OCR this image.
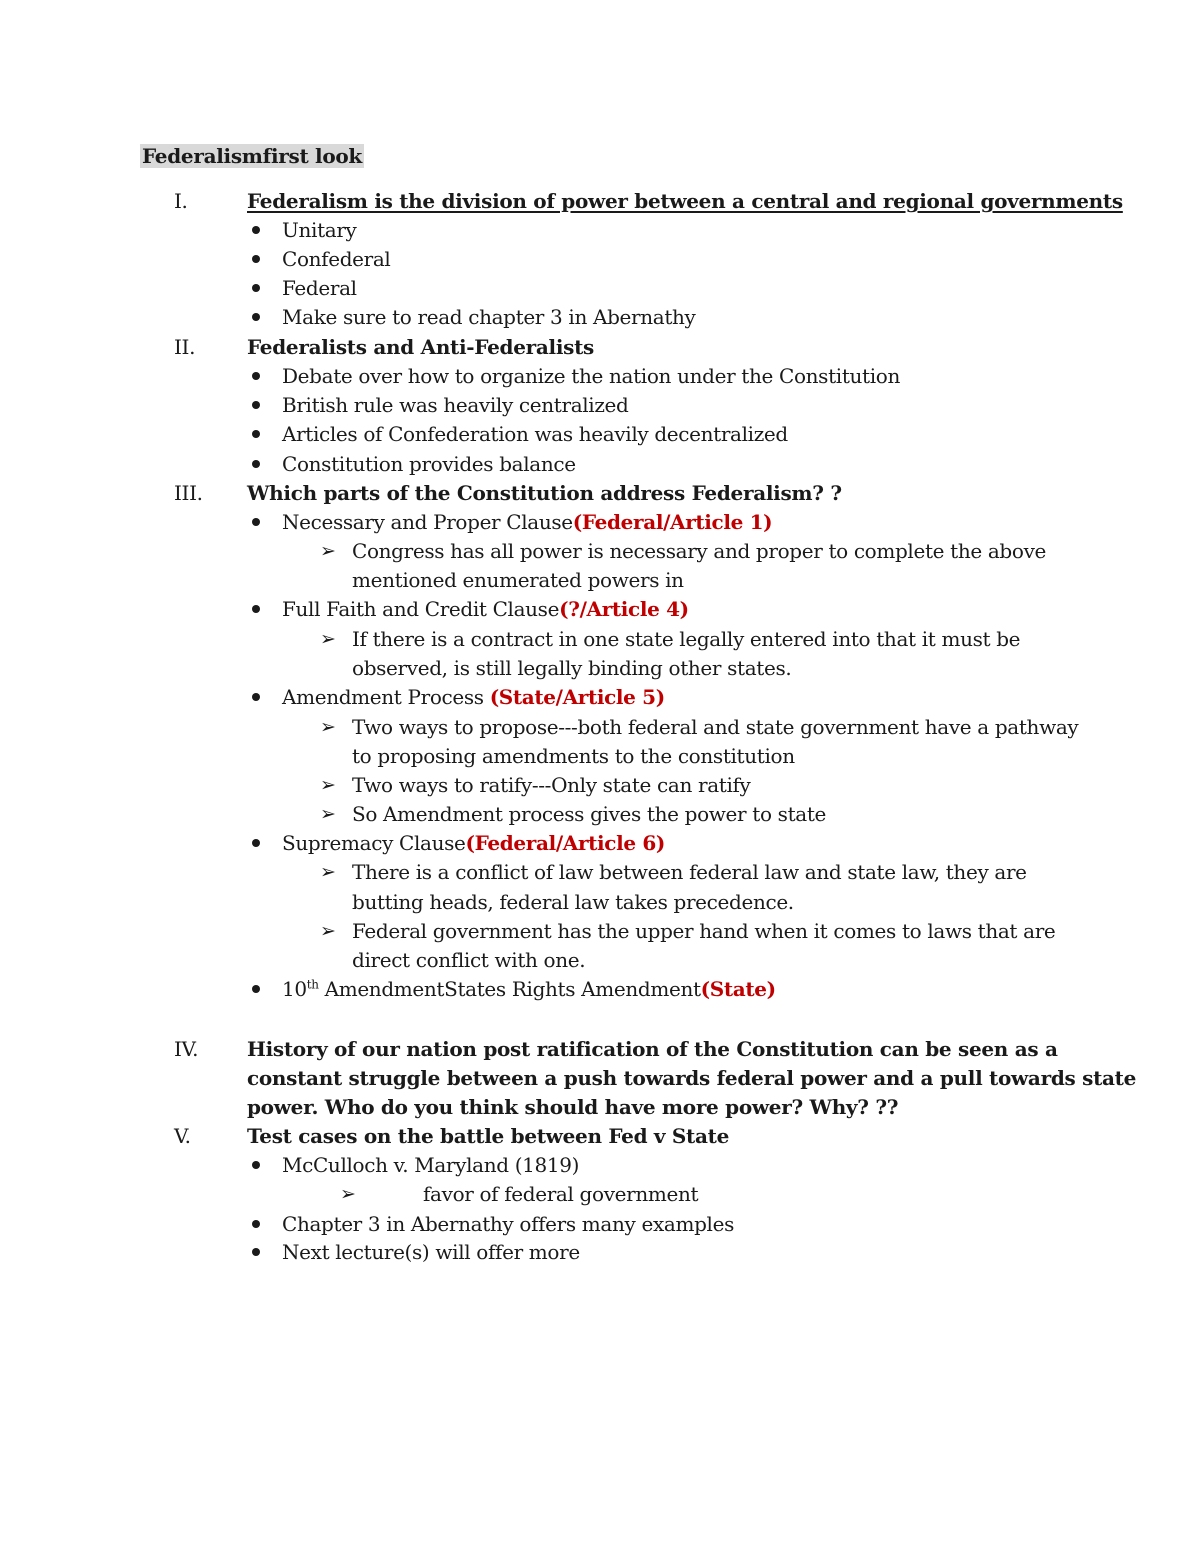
Federalismfirst look
I.	Federalism is the division of power between a central and regional governments
Unitary
Confederal
Federal
Make sure to read chapter 3 in Abernathy
II.	Federalists and Anti-Federalists
Debate over how to organize the nation under the Constitution
British rule was heavily centralized
Articles of Confederation was heavily decentralized
Constitution provides balance
III. Which parts of the Constitution address Federalism? ?
Necessary and Proper Clause(Federal/Article 1)
➢ Congress has all power is necessary and proper to complete the above
mentioned enumerated powers in
Full Faith and Credit Clause(?/Article 4)
➢ If there is a contract in one state legally entered into that it must be
observed, is still legally binding other states.
Amendment Process (State/Article 5)
➢ Two ways to propose---both federal and state government have a pathway
to proposing amendments to the constitution
➢ Two ways to ratify---Only state can ratify
➢ So Amendment process gives the power to state
Supremacy Clause(Federal/Article 6)
➢ There is a conflict of law between federal law and state law, they are
butting heads, federal law takes precedence.
➢ Federal government has the upper hand when it comes to laws that are
direct conflict with one.
10th AmendmentStates Rights Amendment(State)
IV. History of our nation post ratification of the Constitution can be seen as a
constant struggle between a push towards federal power and a pull towards state
power. Who do you think should have more power? Why? ??
V.	Test cases on the battle between Fed v State
McCulloch v. Maryland (1819)
➢	favor of federal government
Chapter 3 in Abernathy offers many examples
Next lecture(s) will offer more
